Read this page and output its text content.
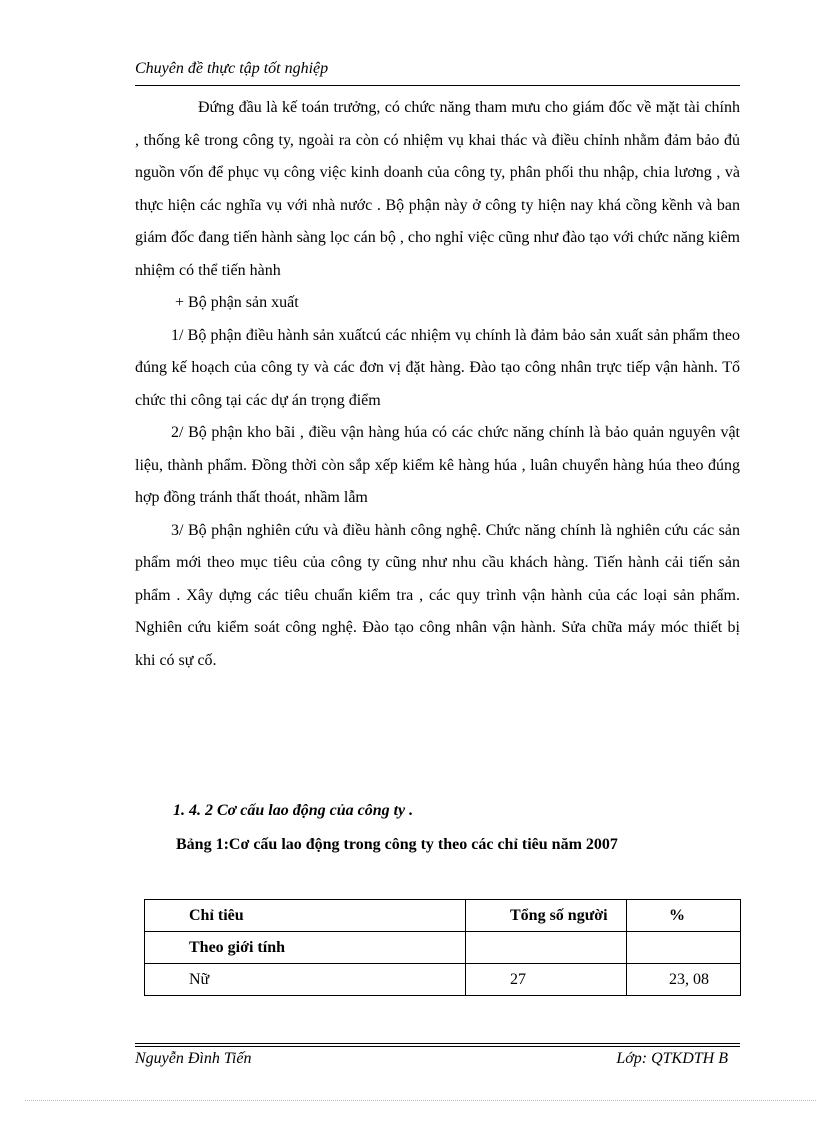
Chuyên đề thực tập tốt nghiệp

Đứng đầu là kế toán trưởng, có chức năng tham mưu cho giám đốc về mặt tài chính , thống kê trong công ty, ngoài ra còn có nhiệm vụ khai thác và điều chỉnh nhằm đảm bảo đủ nguồn vốn để phục vụ công việc kinh doanh của công ty, phân phối thu nhập, chia lương , và thực hiện các nghĩa vụ với nhà nước . Bộ phận này ở công ty hiện nay khá cồng kềnh và ban giám đốc đang tiến hành sàng lọc cán bộ , cho nghỉ việc cũng như đào tạo với chức năng kiêm nhiệm có thể tiến hành

+ Bộ phận sản xuất

1/ Bộ phận điều hành sản xuấtcú các nhiệm vụ chính là đảm bảo sản xuất sản phẩm theo đúng kế hoạch của công ty và các đơn vị đặt hàng. Đào tạo công nhân trực tiếp vận hành. Tổ chức thi công tại các dự án trọng điểm

2/ Bộ phận kho bãi , điều vận hàng húa có các chức năng chính là bảo quản nguyên vật liệu, thành phẩm. Đồng thời còn sắp xếp kiểm kê hàng húa , luân chuyển hàng húa theo đúng hợp đồng tránh thất thoát, nhầm lẫm

3/ Bộ phận nghiên cứu và điều hành công nghệ. Chức năng chính là nghiên cứu các sản phẩm mới theo mục tiêu của công ty cũng như nhu cầu khách hàng. Tiến hành cải tiến sản phẩm . Xây dựng các tiêu chuẩn kiểm tra , các quy trình vận hành của các loại sản phẩm. Nghiên cứu kiểm soát công nghệ. Đào tạo công nhân vận hành. Sửa chữa máy móc thiết bị khi có sự cố.

1. 4. 2 Cơ cấu lao động của công ty .
Bảng 1:Cơ cấu lao động trong công ty theo các chỉ tiêu năm 2007
Chỉ tiêu	Tổng số người	%
Theo giới tính		
Nữ	27	23, 08
Nguyễn Đình Tiến	Lớp: QTKDTH B
